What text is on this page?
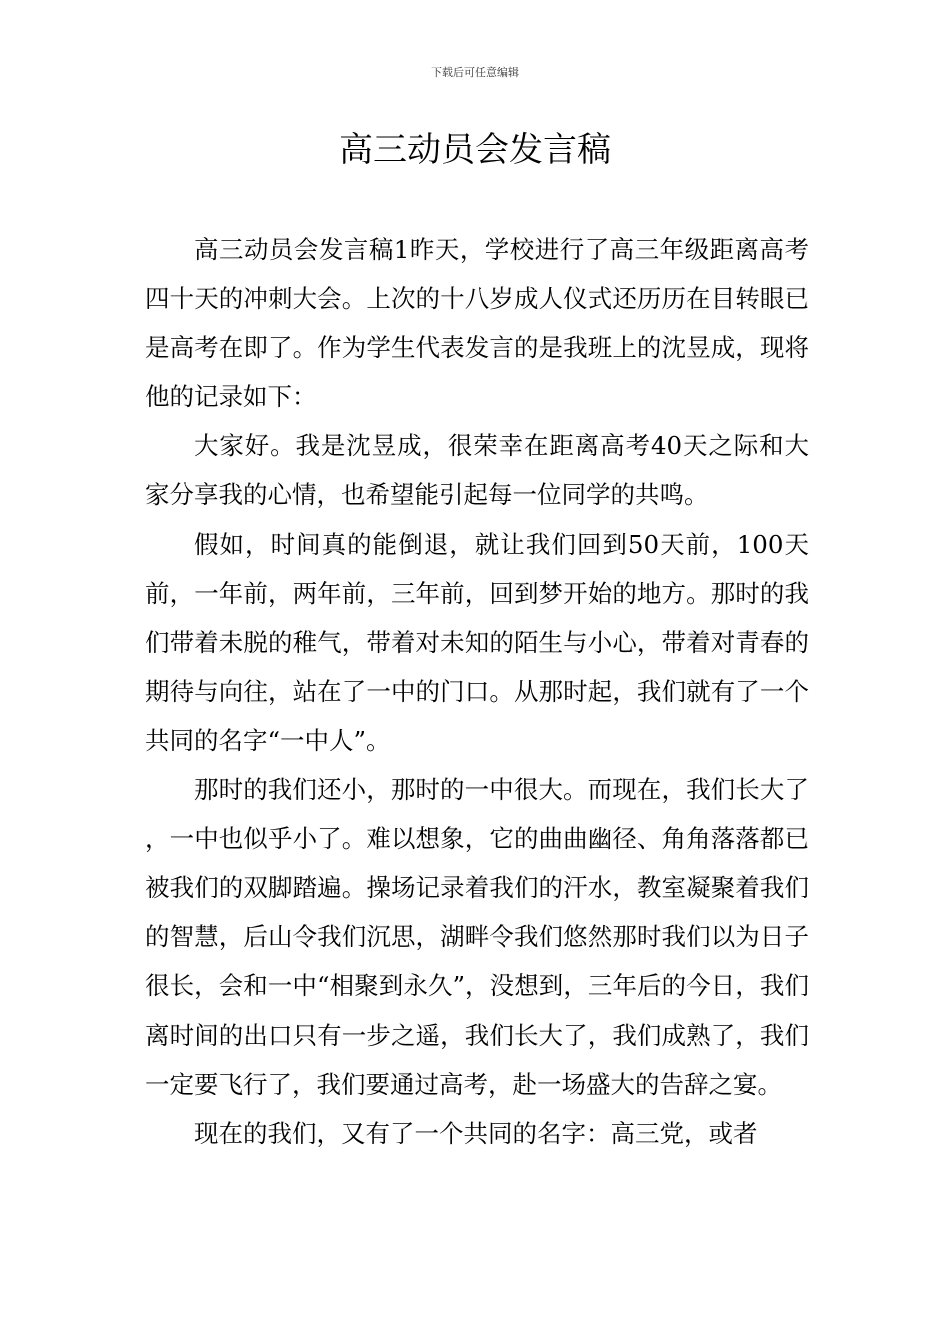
下载后可任意编辑
高三动员会发言稿

高三动员会发言稿1昨天，学校进行了高三年级距离高考四十天的冲刺大会。上次的十八岁成人仪式还历历在目转眼已是高考在即了。作为学生代表发言的是我班上的沈昱成，现将他的记录如下：

大家好。我是沈昱成，很荣幸在距离高考40天之际和大家分享我的心情，也希望能引起每一位同学的共鸣。

假如，时间真的能倒退，就让我们回到50天前，100天前，一年前，两年前，三年前，回到梦开始的地方。那时的我们带着未脱的稚气，带着对未知的陌生与小心，带着对青春的期待与向往，站在了一中的门口。从那时起，我们就有了一个共同的名字“一中人”。

那时的我们还小，那时的一中很大。而现在，我们长大了，一中也似乎小了。难以想象，它的曲曲幽径、角角落落都已被我们的双脚踏遍。操场记录着我们的汗水，教室凝聚着我们的智慧，后山令我们沉思，湖畔令我们悠然那时我们以为日子很长，会和一中“相聚到永久”，没想到，三年后的今日，我们离时间的出口只有一步之遥，我们长大了，我们成熟了，我们一定要飞行了，我们要通过高考，赴一场盛大的告辞之宴。

现在的我们，又有了一个共同的名字：高三党，或者
